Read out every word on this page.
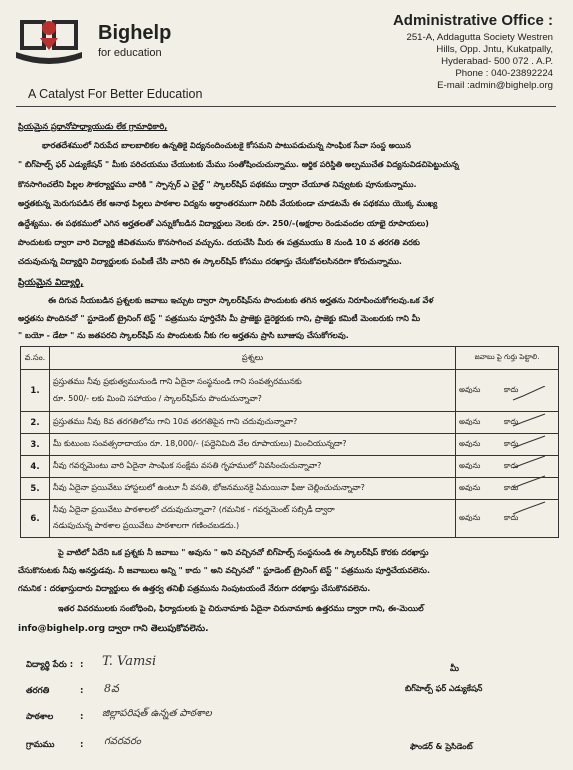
Bighelp
for education
A Catalyst For Better Education
Administrative Office :
251-A, Addagutta Society Westren
Hills, Opp. Jntu, Kukatpally,
Hyderabad- 500 072 . A.P.
Phone : 040-23892224
E-mail :admin@bighelp.org
ప్రియమైన ప్రధానోపాధ్యాయుడు లేక గ్రామాధికారి,
భారతదేశములో నిరుపేద బాలబాలికల ఉన్నతికై విద్యనందించుటకై కోసమని పాటుపడుచున్న సాంఘిక సేవా సంస్థ అయిన
" బిగ్‌హెల్ప్ ఫర్ ఎడ్యుకేషన్ " మీకు పరిచయము చేయుటకు మేము సంతోషించుచున్నాము. ఆర్థిక పరిస్థితి అల్పముచేత విద్యనువిడచిపెట్టుచున్న
కొనసాగించలేని పిల్లల సౌకర్యార్థము వారికి " స్పాన్సర్ ఎ చైల్డ్ " స్కాలర్‌షిప్ పథకము ద్వారా చేయూత నివ్వుటకు పూనుకున్నాము.
అర్హతకున్న మెరుగుపడిన లేక అనాథ పిల్లలు పాఠశాల విద్యను అర్ధాంతరముగా నిలిపి వేయకుండా చూడటమే ఈ పథకము యొక్క ముఖ్య
ఉద్దేశ్యము. ఈ పథకములో ఎగిన అర్హతలతో ఎన్నుకోబడిన విద్యార్థులు నెలకు రూ. 250/-(అక్షరాల రెండువందల యాభై రూపాయలు)
పొందుటకు ద్వారా వారి విద్యార్థి జీవితమును కొనసాగించ వచ్చును. దయచేసి మీరు ఈ పత్రముయు 8 నుండి 10 వ తరగతి వరకు
చదువుచున్న విద్యార్థిని విద్యార్థులకు పంపిణీ చేసి వారిని ఈ స్కాలర్‌షిప్ కోసము దరఖాస్తు చేసుకోవలసినదిగా కోరుచున్నాము.
ప్రియమైన విద్యార్థి,
ఈ దిగువ నీయబడిన ప్రశ్నలకు జవాబు ఇచ్చుట ద్వారా స్కాలర్‌షిప్‌ను పొందుటకు తగిన అర్హతను నిరూపించుకోగలవు.ఒక వేళ
అర్హతను పొందినచో " స్టూడెంట్ ట్రైనింగ్ టెస్ట్ " పత్రమును పూర్తిచేసి మీ ప్రాజెక్టు డైరెక్టరుకు గాని, ప్రాజెక్టు కమిటీ మెంబరుకు గాని మీ
" బయో - డేటా " ను జతపరచి స్కాలర్‌షిప్ ను పొందుటకు నీకు గల అర్హతను ప్రాసి బూజుపు చేసుకోగలవు.
వ.సం.	ప్రశ్నలు	జవాబు పై గుర్తు పెట్టాలి.
1.	ప్రస్తుతము నీవు ప్రభుత్వమునుండి గాని ఏదైనా సంస్థనుండి గాని సంవత్సరమునకు
రూ. 500/- లకు మించి సహాయం / స్కాలర్‌షిప్‌ను పొందుచున్నావా?	అవును కాదు
2.	ప్రస్తుతము నీవు 8వ తరగతిలోను గాని 10వ తరగతిపైన గాని చదువుచున్నావా?	అవును కాదు
3.	మీ కుటుంబ సంవత్సరాదాయం రూ. 18,000/- (పద్దెనిమిది వేల రూపాయలు) మించియున్నదా?	అవును కాదు
4.	నీవు గవర్నమెంటు వారి ఏదైనా సాంఘిక సంక్షేమ వసతి గృహములో నివసించుచున్నావా?	అవును కాదు
5.	నీవు ఏదైనా ప్రయివేటు హాస్టలులో ఉంటూ నీ వసతి, భోజనమునకై ఏమయినా ఫీజు చెల్లించుచున్నావా?	అవును కాదు
6.	నీవు ఏదైనా ప్రయివేటు పాఠశాలలో చదువుచున్నావా? (గమనిక - గవర్నమెంట్ సబ్సిడీ ద్వారా
నడుపుచున్న పాఠశాల ప్రయివేటు పాఠశాలగా గణించబడదు.)	అవును కాదు
పై వాటిలో ఏదేని ఒక ప్రశ్నకు నీ జవాబు " అవును " అని వచ్చినచో బిగ్‌హెల్ప్ సంస్థనుండి ఈ స్కాలర్‌షిప్ కొరకు దరఖాస్తు
చేసుకొనుటకు నీవు అనర్హుడవు. నీ జవాబులు అన్ని " కాదు " అని వచ్చినచో " స్టూడెంట్ ట్రైనింగ్ టెస్ట్ " పత్రమును పూర్తిచేయవలెను.
గమనిక : దరఖాస్తుదారు విద్యార్థులు ఈ ఉత్తర్వ తనిఖీ పత్రమును నింపుటయందే నేరుగా దరఖాస్తు చేసుకొనవలెను.
ఇతర వివరములకు సంబోధించి, ఫిర్యాదులకు పై చిరునామాకు ఏదైనా చిరునామాకు ఉత్తరము ద్వారా గాని, ఈ-మెయిల్
info@bighelp.org ద్వారా గాని తెలుపుకోవలెను.
విద్యార్థి పేరు : : T. Vamsi
తరగతి	: 8వ
పాఠశాల	: జిల్లాపరిషత్ ఉన్నత పాఠశాల
గ్రామము	: గవరవరం
మీ
బిగ్‌హెల్ప్ ఫర్ ఎడ్యుకేషన్
ఫౌండర్ & ప్రెసిడెంట్
